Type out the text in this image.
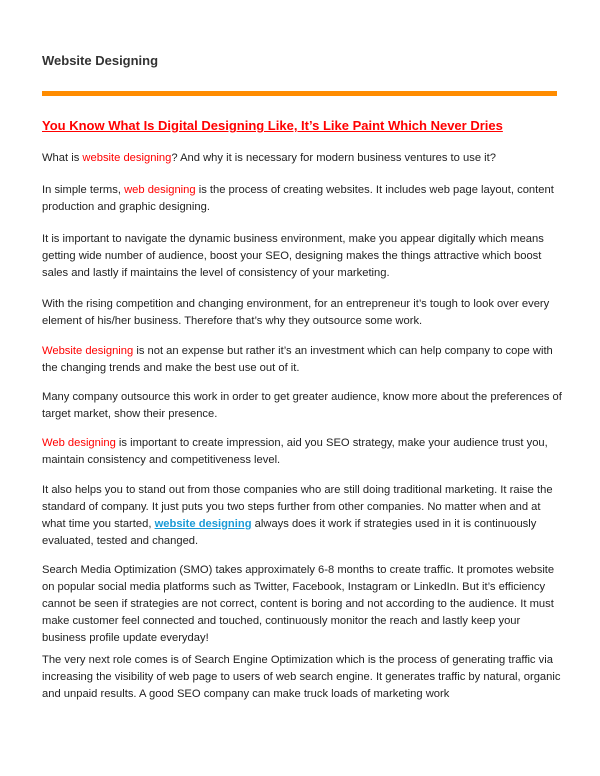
Website Designing
You Know What Is Digital Designing Like, It’s Like Paint Which Never Dries

What is website designing? And why it is necessary for modern business ventures to use it?

In simple terms, web designing is the process of creating websites. It includes web page layout, content production and graphic designing.

It is important to navigate the dynamic business environment, make you appear digitally which means getting wide number of audience, boost your SEO, designing makes the things attractive which boost sales and lastly if maintains the level of consistency of your marketing.

With the rising competition and changing environment, for an entrepreneur it’s tough to look over every element of his/her business. Therefore that’s why they outsource some work.

Website designing is not an expense but rather it’s an investment which can help company to cope with the changing trends and make the best use out of it.

Many company outsource this work in order to get greater audience, know more about the preferences of target market, show their presence.

Web designing is important to create impression, aid you SEO strategy, make your audience trust you, maintain consistency and competitiveness level.

It also helps you to stand out from those companies who are still doing traditional marketing. It raise the standard of company. It just puts you two steps further from other companies. No matter when and at what time you started, website designing always does it work if strategies used in it is continuously evaluated, tested and changed.

Search Media Optimization (SMO) takes approximately 6-8 months to create traffic. It promotes website on popular social media platforms such as Twitter, Facebook, Instagram or LinkedIn. But it’s efficiency cannot be seen if strategies are not correct, content is boring and not according to the audience. It must make customer feel connected and touched, continuously monitor the reach and lastly keep your business profile update everyday!

The very next role comes is of Search Engine Optimization which is the process of generating traffic via increasing the visibility of web page to users of web search engine. It generates traffic by natural, organic and unpaid results. A good SEO company can make truck loads of marketing work
